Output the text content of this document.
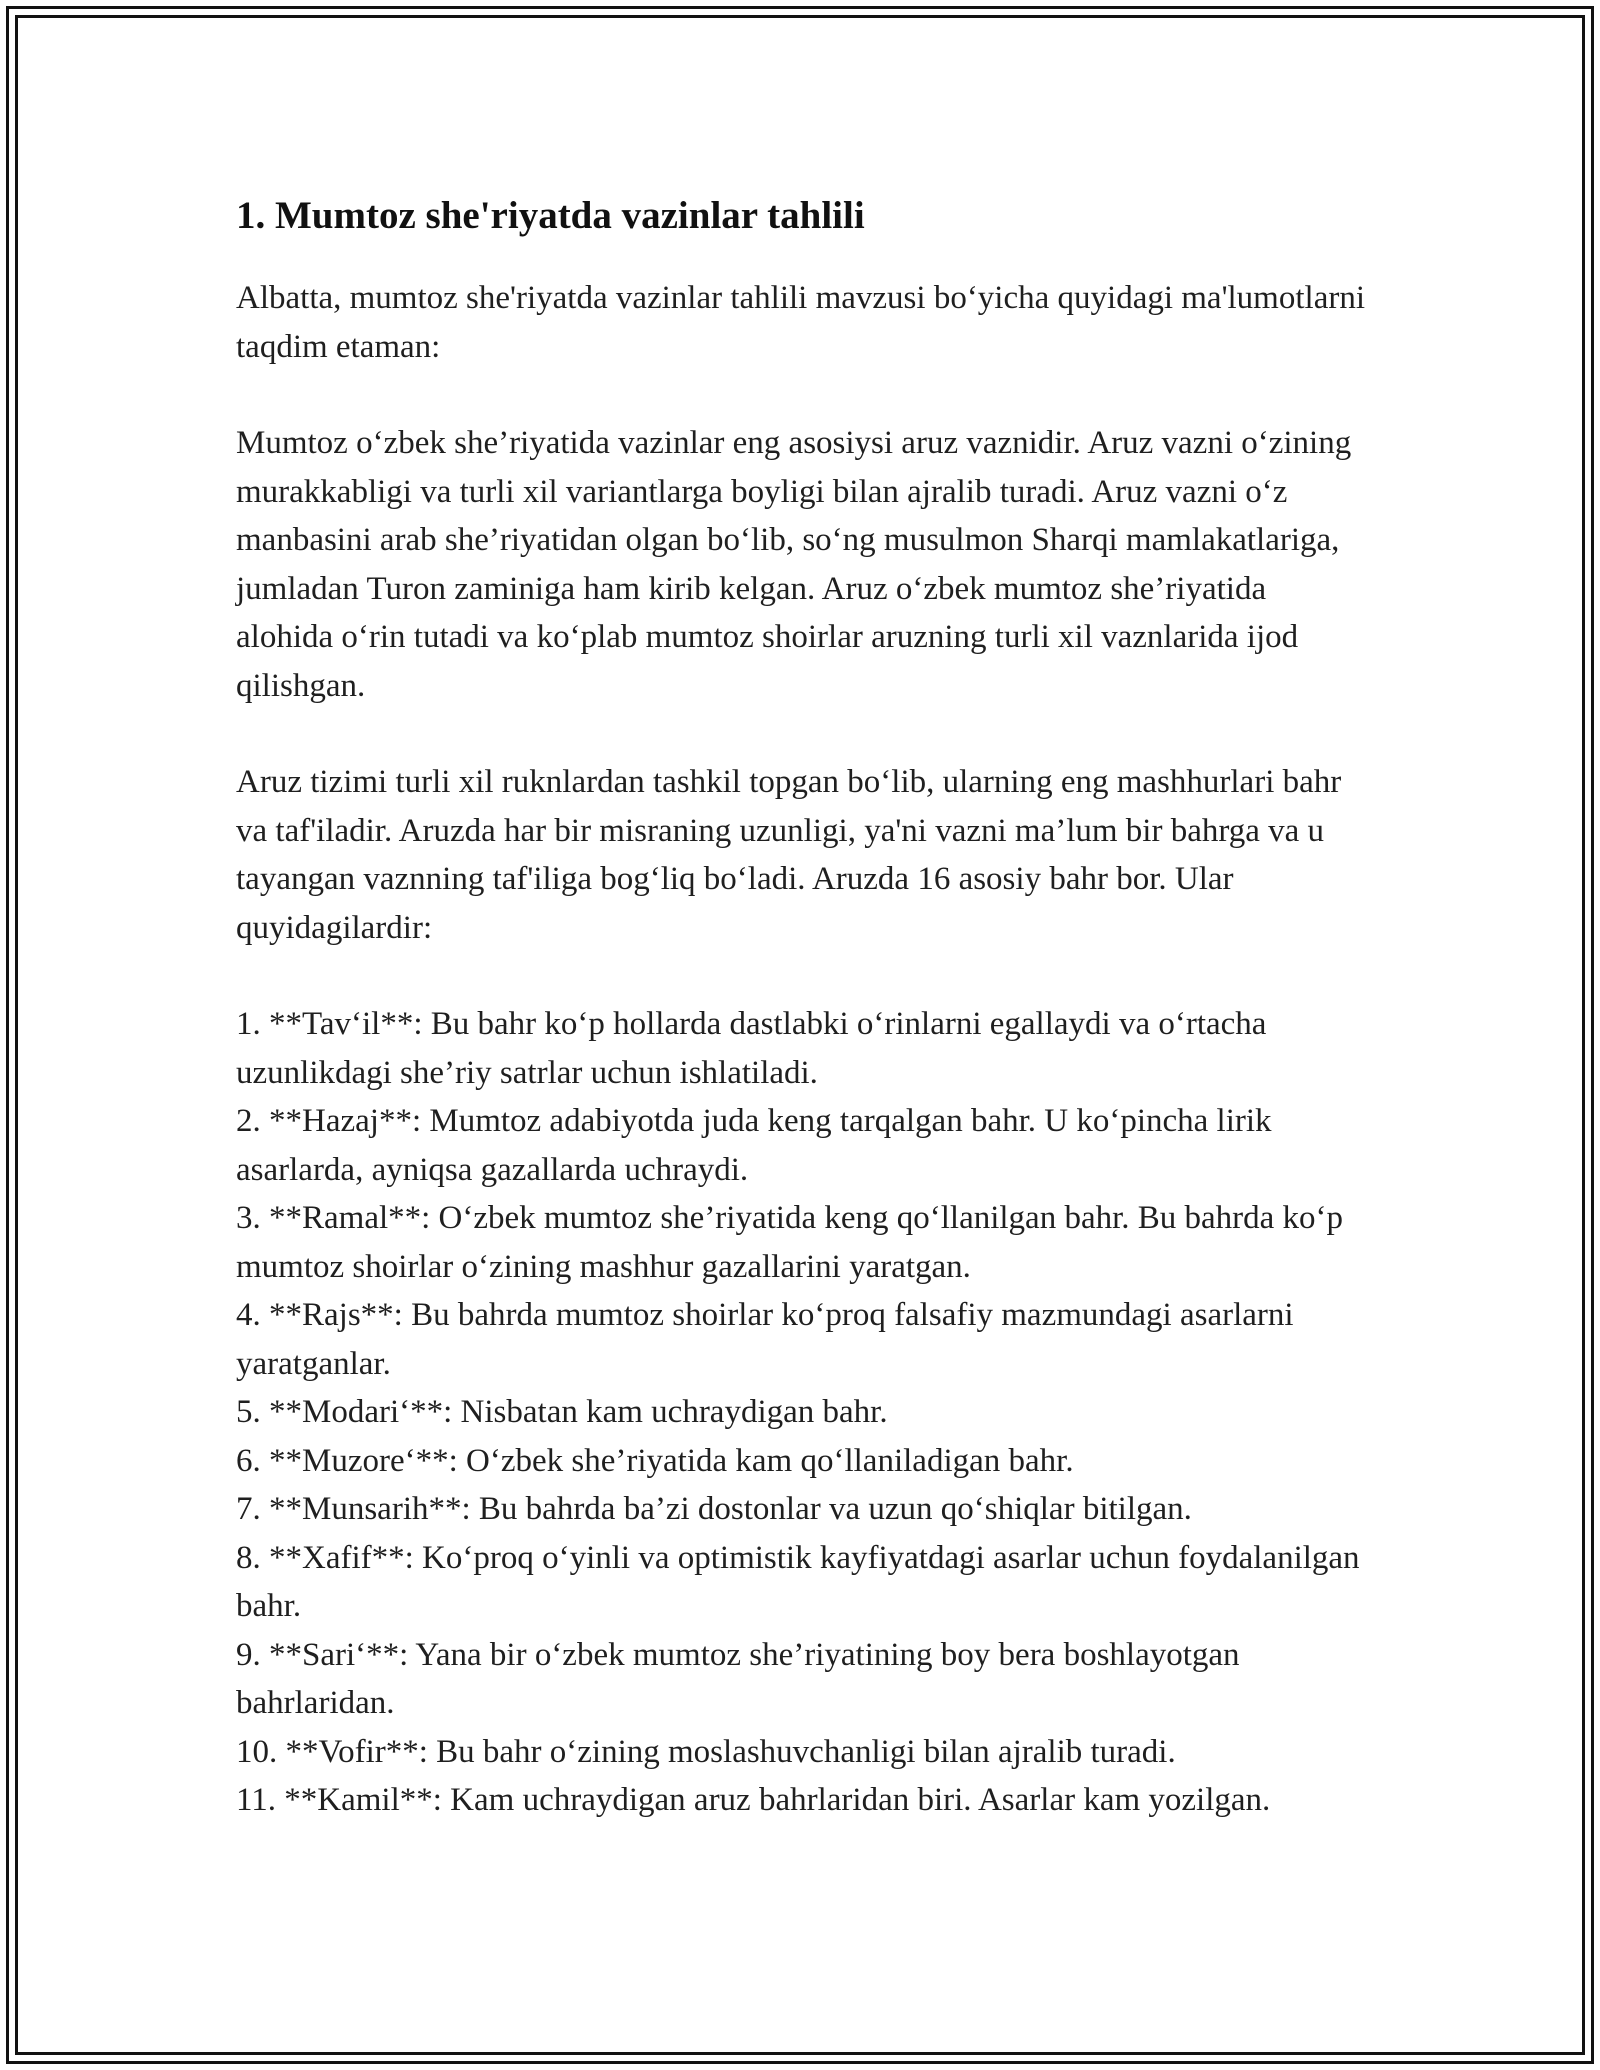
1. Mumtoz she'riyatda vazinlar tahlili

Albatta, mumtoz she'riyatda vazinlar tahlili mavzusi bo‘yicha quyidagi ma'lumotlarni taqdim etaman:

Mumtoz o‘zbek she’riyatida vazinlar eng asosiysi aruz vaznidir. Aruz vazni o‘zining murakkabligi va turli xil variantlarga boyligi bilan ajralib turadi. Aruz vazni o‘z manbasini arab she’riyatidan olgan bo‘lib, so‘ng musulmon Sharqi mamlakatlariga, jumladan Turon zaminiga ham kirib kelgan. Aruz o‘zbek mumtoz she’riyatida alohida o‘rin tutadi va ko‘plab mumtoz shoirlar aruzning turli xil vaznlarida ijod qilishgan.

Aruz tizimi turli xil ruknlardan tashkil topgan bo‘lib, ularning eng mashhurlari bahr va taf'iladir. Aruzda har bir misraning uzunligi, ya'ni vazni ma’lum bir bahrga va u tayangan vaznning taf'iliga bog‘liq bo‘ladi. Aruzda 16 asosiy bahr bor. Ular quyidagilardir:

1. **Tav‘il**: Bu bahr ko‘p hollarda dastlabki o‘rinlarni egallaydi va o‘rtacha uzunlikdagi she’riy satrlar uchun ishlatiladi.
2. **Hazaj**: Mumtoz adabiyotda juda keng tarqalgan bahr. U ko‘pincha lirik asarlarda, ayniqsa gazallarda uchraydi.
3. **Ramal**: O‘zbek mumtoz she’riyatida keng qo‘llanilgan bahr. Bu bahrda ko‘p mumtoz shoirlar o‘zining mashhur gazallarini yaratgan.
4. **Rajs**: Bu bahrda mumtoz shoirlar ko‘proq falsafiy mazmundagi asarlarni yaratganlar.
5. **Modari‘**: Nisbatan kam uchraydigan bahr.
6. **Muzore‘**: O‘zbek she’riyatida kam qo‘llaniladigan bahr.
7. **Munsarih**: Bu bahrda ba’zi dostonlar va uzun qo‘shiqlar bitilgan.
8. **Xafif**: Ko‘proq o‘yinli va optimistik kayfiyatdagi asarlar uchun foydalanilgan bahr.
9. **Sari‘**: Yana bir o‘zbek mumtoz she’riyatining boy bera boshlayotgan bahrlaridan.
10. **Vofir**: Bu bahr o‘zining moslashuvchanligi bilan ajralib turadi.
11. **Kamil**: Kam uchraydigan aruz bahrlaridan biri. Asarlar kam yozilgan.
